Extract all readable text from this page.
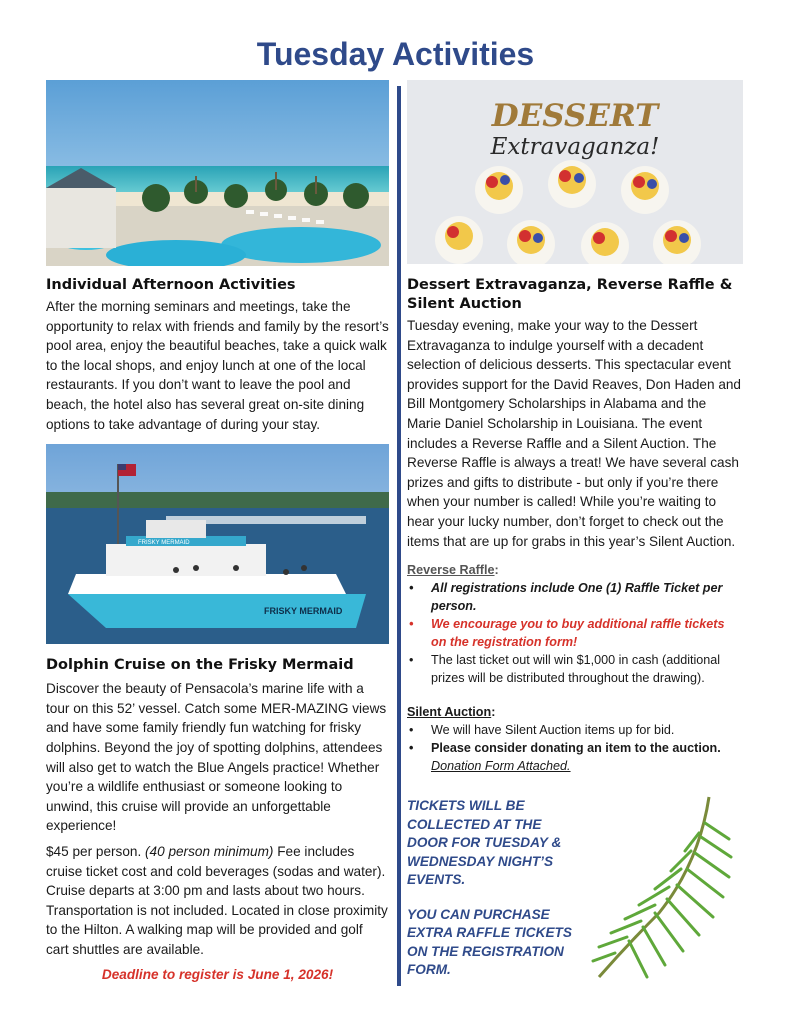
Tuesday Activities
Individual Afternoon Activities

After the morning seminars and meetings, take the opportunity to relax with friends and family by the resort’s pool area, enjoy the beautiful beaches, take a quick walk to the local shops, and enjoy lunch at one of the local restaurants. If you don’t want to leave the pool and beach, the hotel also has several great on-site dining options to take advantage of during your stay.

FRISKY MERMAID
FRISKY MERMAID
Dolphin Cruise on the Frisky Mermaid

Discover the beauty of Pensacola’s marine life with a tour on this 52’ vessel. Catch some MER-MAZING views and have some family friendly fun watching for frisky dolphins. Beyond the joy of spotting dolphins, attendees will also get to watch the Blue Angels practice! Whether you’re a wildlife enthusiast or someone looking to unwind, this cruise will provide an unforgettable experience!

$45 per person. (40 person minimum) Fee includes cruise ticket cost and cold beverages (sodas and water). Cruise departs at 3:00 pm and lasts about two hours. Transportation is not included. Located in close proximity to the Hilton. A walking map will be provided and golf cart shuttles are available.

Deadline to register is June 1, 2026!

DESSERT
Extravaganza!
Dessert Extravaganza, Reverse Raffle & Silent Auction

Tuesday evening, make your way to the Dessert Extravaganza to indulge yourself with a decadent selection of delicious desserts. This spectacular event provides support for the David Reaves, Don Haden and Bill Montgomery Scholarships in Alabama and the Marie Daniel Scholarship in Louisiana. The event includes a Reverse Raffle and a Silent Auction. The Reverse Raffle is always a treat! We have several cash prizes and gifts to distribute - but only if you’re there when your number is called! While you’re waiting to hear your lucky number, don’t forget to check out the items that are up for grabs in this year’s Silent Auction.

Reverse Raffle:
• All registrations include One (1) Raffle Ticket per person.
• We encourage you to buy additional raffle tickets on the registration form!
• The last ticket out will win $1,000 in cash (additional prizes will be distributed throughout the drawing).
Silent Auction:
• We will have Silent Auction items up for bid.
• Please consider donating an item to the auction.
Donation Form Attached.
TICKETS WILL BE COLLECTED AT THE DOOR FOR TUESDAY & WEDNESDAY NIGHT’S EVENTS.
YOU CAN PURCHASE EXTRA RAFFLE TICKETS ON THE REGISTRATION FORM.
